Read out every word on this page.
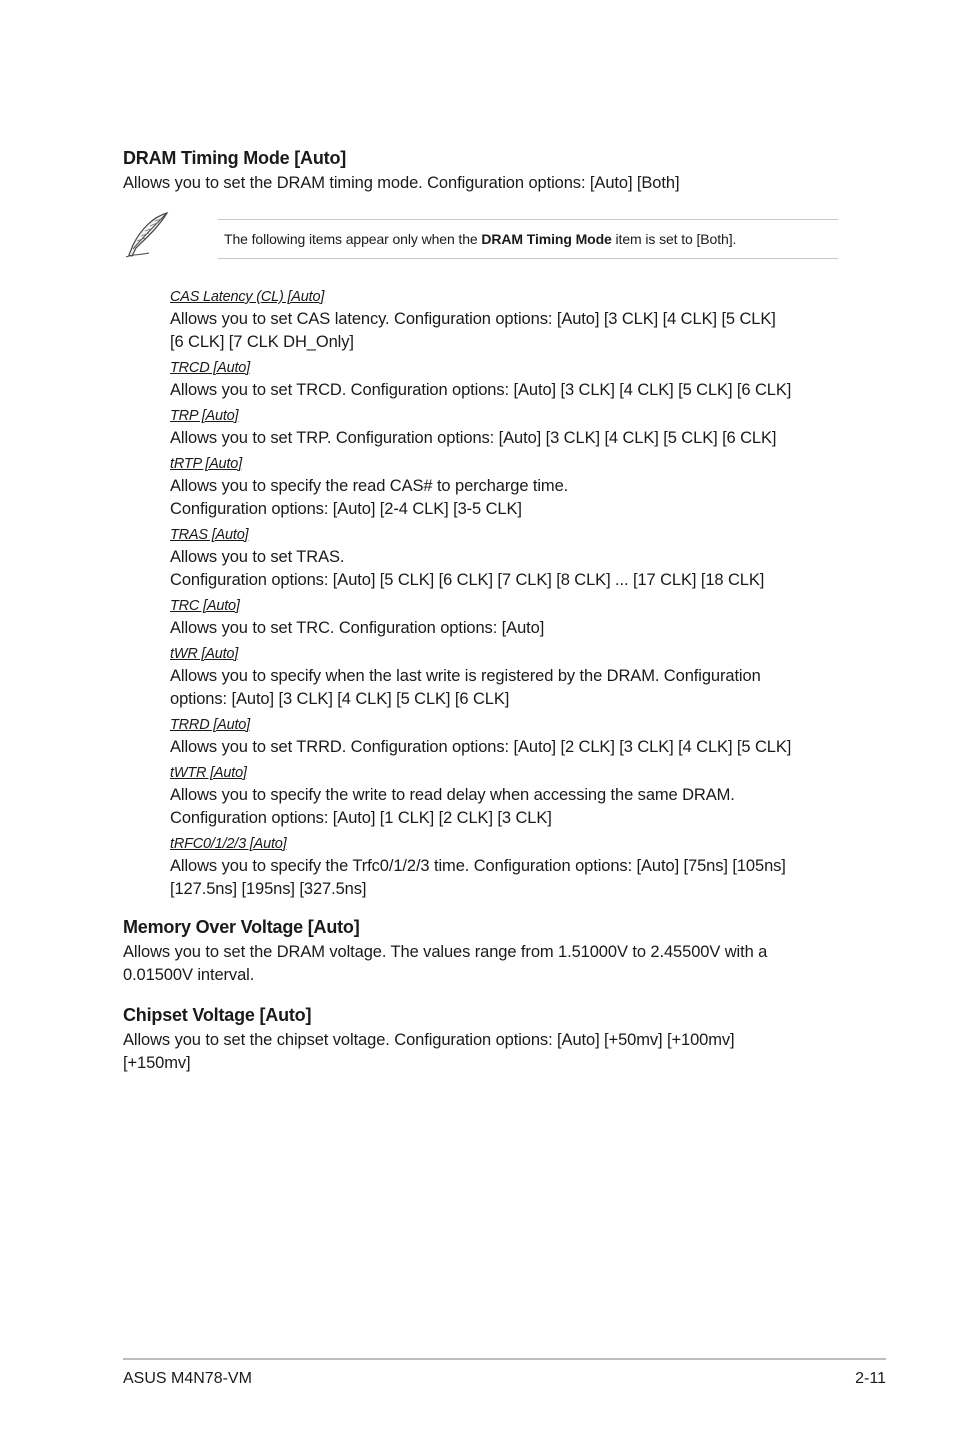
DRAM Timing Mode [Auto]

Allows you to set the DRAM timing mode. Configuration options: [Auto] [Both]

The following items appear only when the DRAM Timing Mode item is set to [Both].

CAS Latency (CL) [Auto]

Allows you to set CAS latency. Configuration options: [Auto] [3 CLK] [4 CLK] [5 CLK]
[6 CLK] [7 CLK DH_Only]

TRCD [Auto]

Allows you to set TRCD. Configuration options: [Auto] [3 CLK] [4 CLK] [5 CLK] [6 CLK]

TRP [Auto]

Allows you to set TRP. Configuration options: [Auto] [3 CLK] [4 CLK] [5 CLK] [6 CLK]

tRTP [Auto]

Allows you to specify the read CAS# to percharge time.
Configuration options: [Auto] [2-4 CLK] [3-5 CLK]

TRAS [Auto]

Allows you to set TRAS.
Configuration options: [Auto] [5 CLK] [6 CLK] [7 CLK] [8 CLK] ... [17 CLK] [18 CLK]

TRC [Auto]

Allows you to set TRC. Configuration options: [Auto]

tWR [Auto]

Allows you to specify when the last write is registered by the DRAM. Configuration
options: [Auto] [3 CLK] [4 CLK] [5 CLK] [6 CLK]

TRRD [Auto]

Allows you to set TRRD. Configuration options: [Auto] [2 CLK] [3 CLK] [4 CLK] [5 CLK]

tWTR [Auto]

Allows you to specify the write to read delay when accessing the same DRAM.
Configuration options: [Auto] [1 CLK] [2 CLK] [3 CLK]

tRFC0/1/2/3 [Auto]

Allows you to specify the Trfc0/1/2/3 time. Configuration options: [Auto] [75ns] [105ns]
[127.5ns] [195ns] [327.5ns]

Memory Over Voltage [Auto]

Allows you to set the DRAM voltage. The values range from 1.51000V to 2.45500V with a
0.01500V interval.

Chipset Voltage [Auto]

Allows you to set the chipset voltage. Configuration options: [Auto] [+50mv] [+100mv]
[+150mv]

ASUS M4N78-VM	2-11
